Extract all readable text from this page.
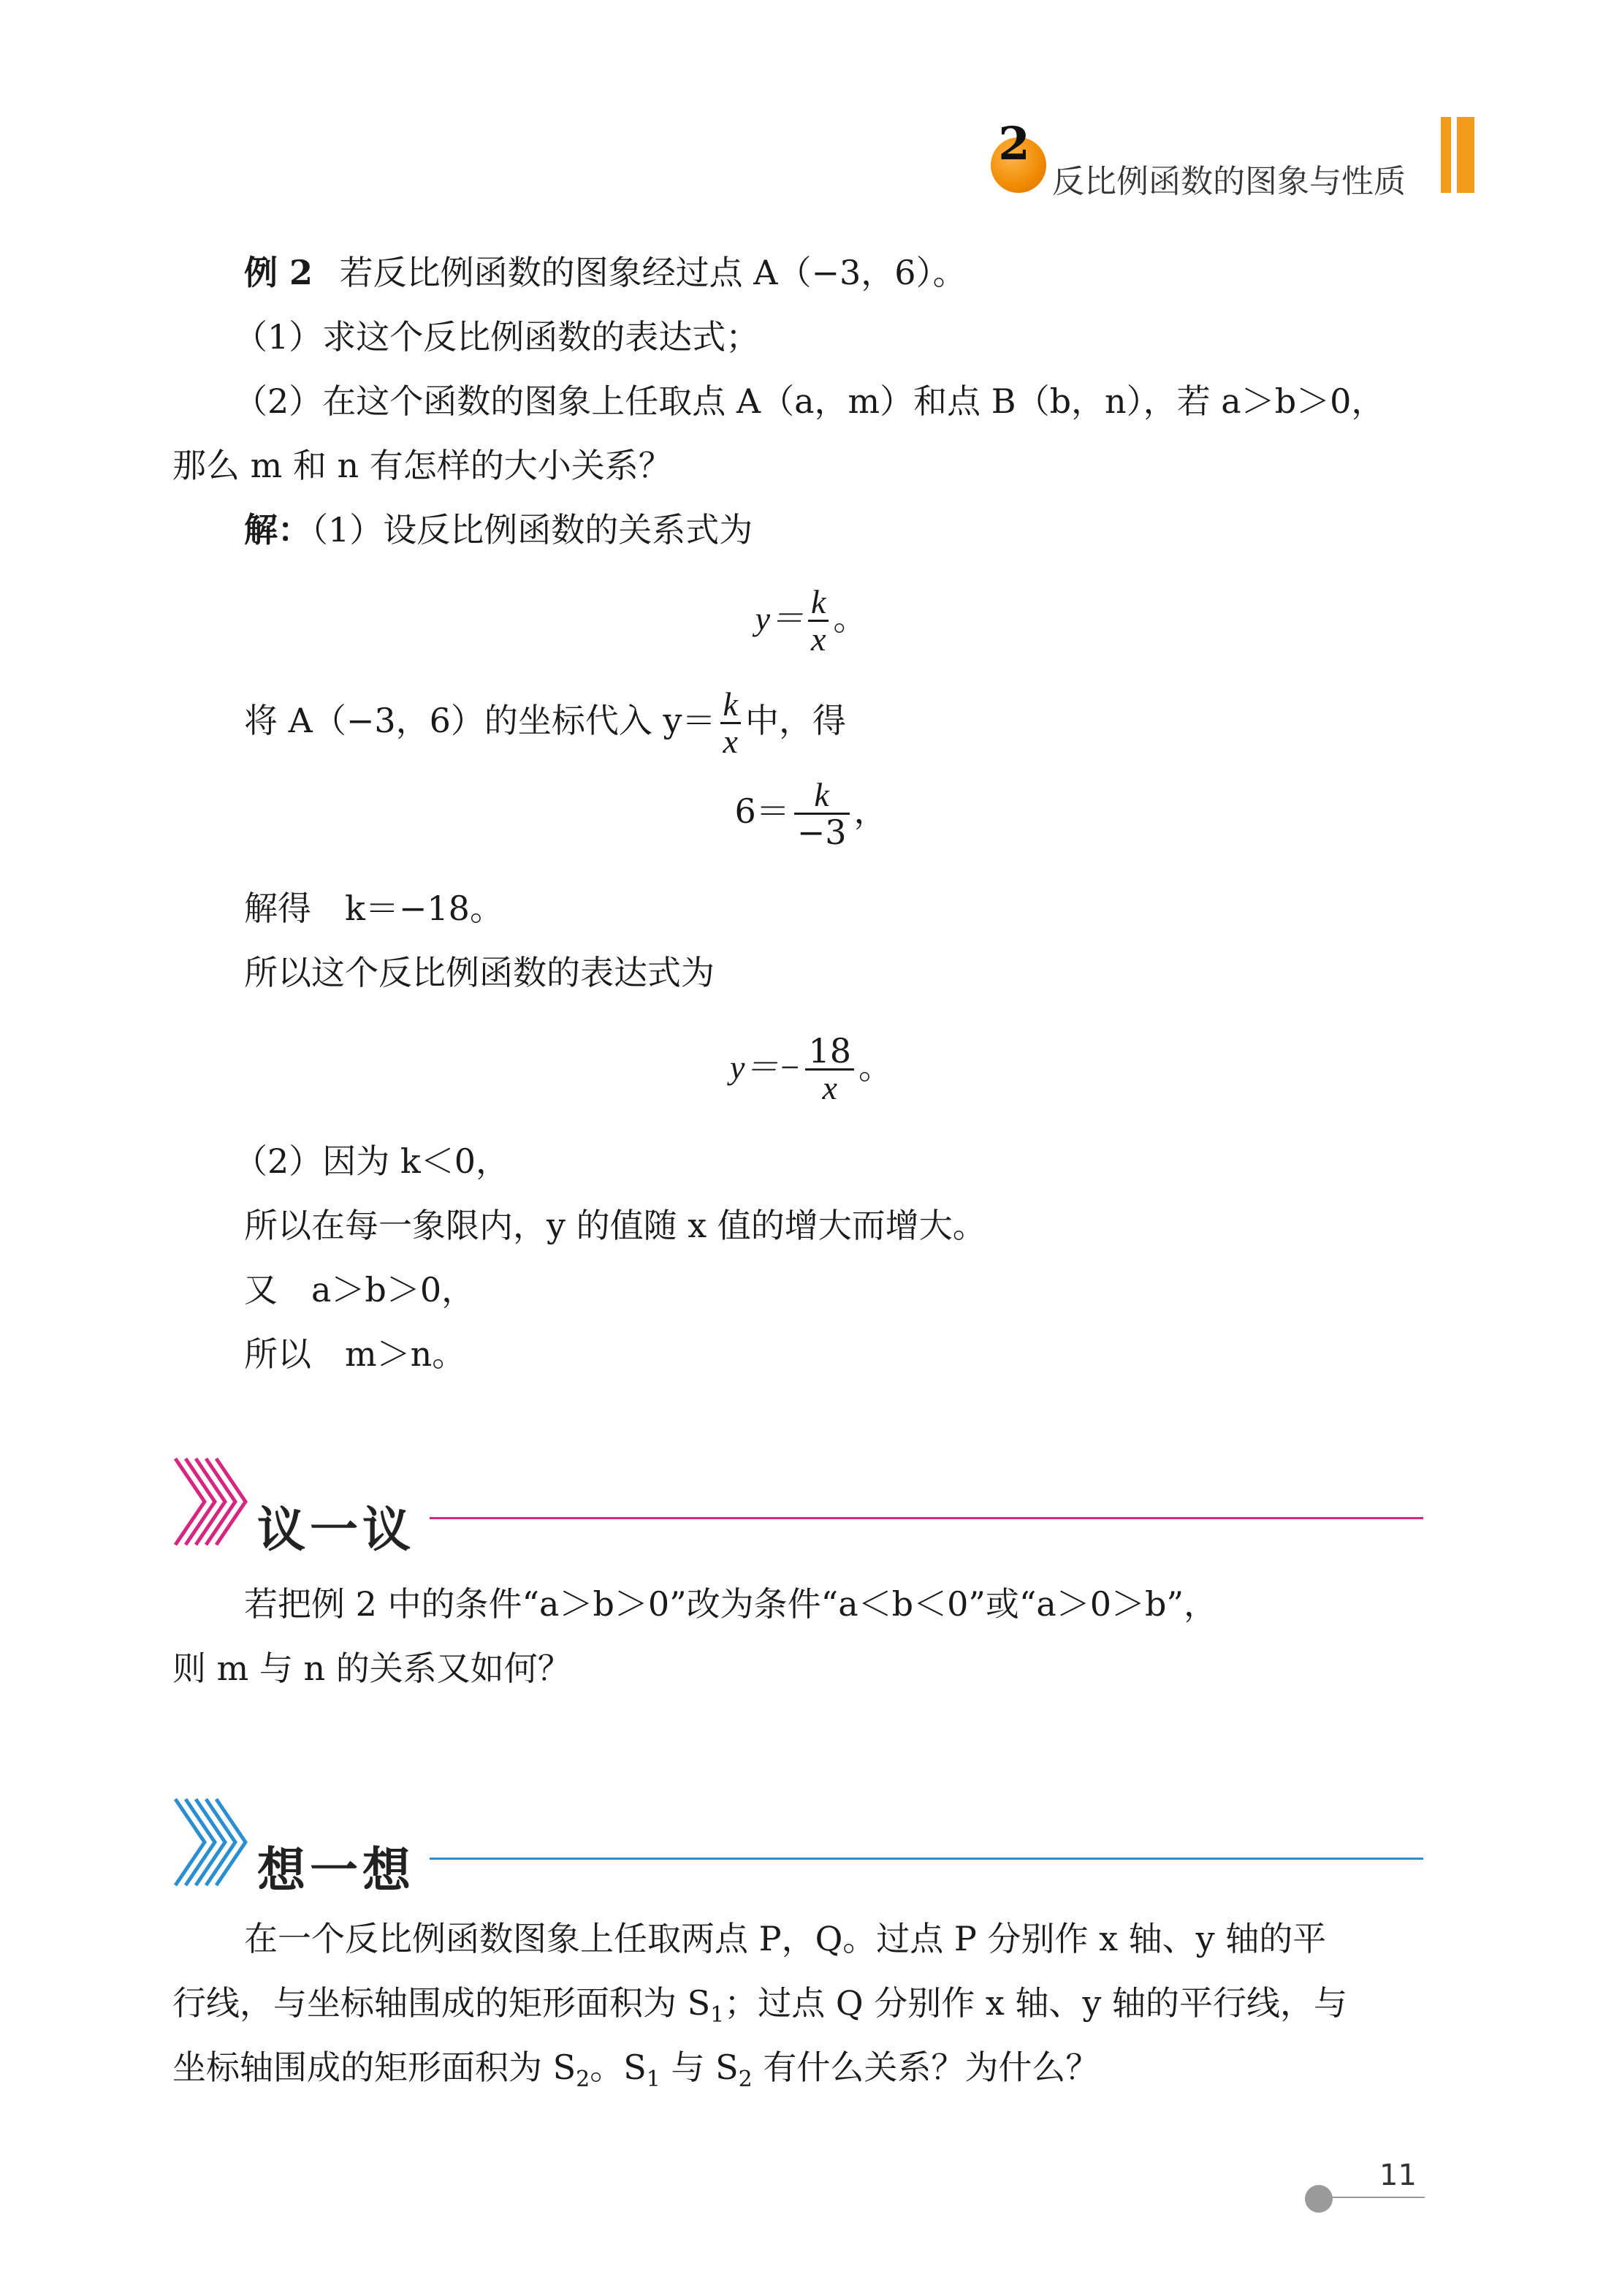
2
反比例函数的图象与性质
例 2 若反比例函数的图象经过点 A（−3，6）。
（1）求这个反比例函数的表达式；
（2）在这个函数的图象上任取点 A（a，m）和点 B（b，n），若 a＞b＞0，
那么 m 和 n 有怎样的大小关系？
解：（1）设反比例函数的关系式为
$y= \frac{k}{x}$ 。
将 A（−3，6）的坐标代入 $y= \frac{k}{x}$ 中，得
$6= \frac{k}{-3}$ ，
解得　k＝−18。
所以这个反比例函数的表达式为
$y=- \frac{18}{x}$ 。
（2）因为 k＜0，
所以在每一象限内，y 的值随 x 值的增大而增大。
又　a＞b＞0，
所以　m＞n。
议一议
若把例 2 中的条件“a＞b＞0”改为条件“a＜b＜0”或“a＞0＞b”，
则 m 与 n 的关系又如何？
想一想
在一个反比例函数图象上任取两点 P，Q。过点 P 分别作 x 轴、y 轴的平
行线，与坐标轴围成的矩形面积为 $S_1$；过点 Q 分别作 x 轴、y 轴的平行线，与
坐标轴围成的矩形面积为 $S_2$。$S_1$ 与 $S_2$ 有什么关系？为什么？
11
